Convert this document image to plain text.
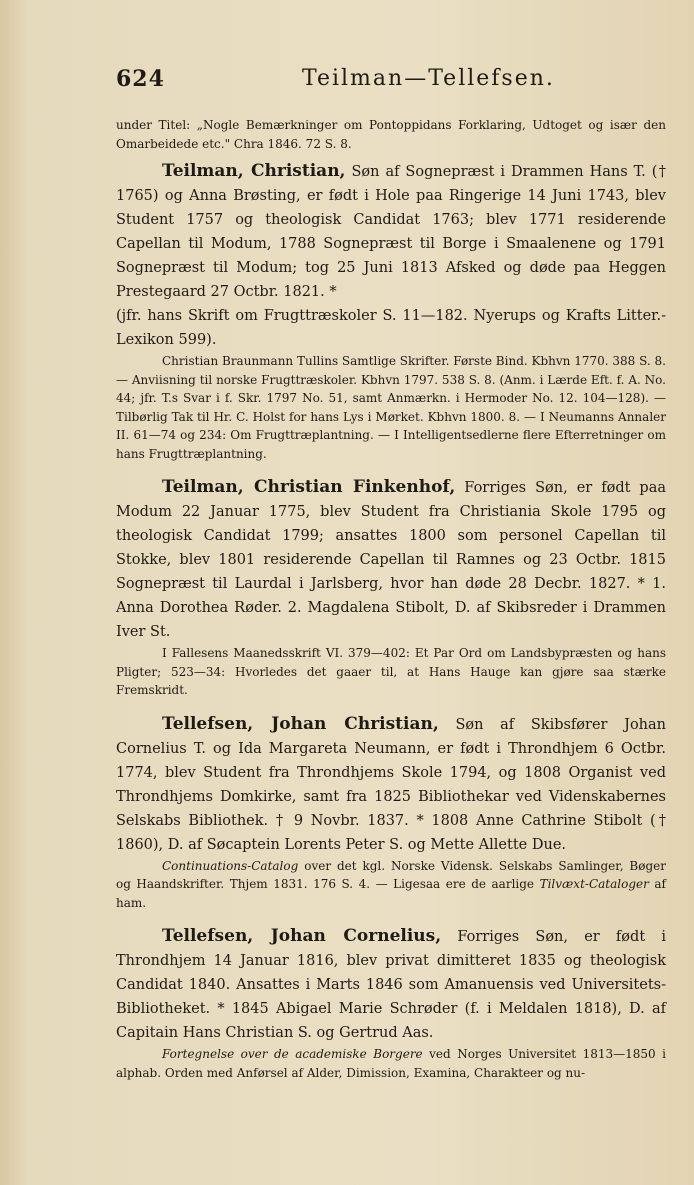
624	Teilman—Tellefsen.

under Titel: „Nogle Bemærkninger om Pontoppidans Forklaring, Udtoget og især den Omarbeidede etc." Chra 1846. 72 S. 8.

Teilman, Christian, Søn af Sognepræst i Drammen Hans T. († 1765) og Anna Brøsting, er født i Hole paa Ringerige 14 Juni 1743, blev Student 1757 og theologisk Candidat 1763; blev 1771 residerende Capellan til Modum, 1788 Sognepræst til Borge i Smaalenene og 1791 Sognepræst til Modum; tog 25 Juni 1813 Afsked og døde paa Heggen Prestegaard 27 Octbr. 1821. *

(jfr. hans Skrift om Frugttræskoler S. 11—182. Nyerups og Krafts Litter.-Lexikon 599).

Christian Braunmann Tullins Samtlige Skrifter. Første Bind. Kbhvn 1770. 388 S. 8. — Anviisning til norske Frugttræskoler. Kbhvn 1797. 538 S. 8. (Anm. i Lærde Eft. f. A. No. 44; jfr. T.s Svar i f. Skr. 1797 No. 51, samt Anmærkn. i Hermoder No. 12. 104—128). — Tilbørlig Tak til Hr. C. Holst for hans Lys i Mørket. Kbhvn 1800. 8. — I Neumanns Annaler II. 61—74 og 234: Om Frugttræplantning. — I Intelligentsedlerne flere Efterretninger om hans Frugttræplantning.

Teilman, Christian Finkenhof, Forriges Søn, er født paa Modum 22 Januar 1775, blev Student fra Christiania Skole 1795 og theologisk Candidat 1799; ansattes 1800 som personel Capellan til Stokke, blev 1801 residerende Capellan til Ramnes og 23 Octbr. 1815 Sognepræst til Laurdal i Jarlsberg, hvor han døde 28 Decbr. 1827. * 1. Anna Dorothea Røder. 2. Magdalena Stibolt, D. af Skibsreder i Drammen Iver St.

I Fallesens Maanedsskrift VI. 379—402: Et Par Ord om Landsbypræsten og hans Pligter; 523—34: Hvorledes det gaaer til, at Hans Hauge kan gjøre saa stærke Fremskridt.

Tellefsen, Johan Christian, Søn af Skibsfører Johan Cornelius T. og Ida Margareta Neumann, er født i Throndhjem 6 Octbr. 1774, blev Student fra Throndhjems Skole 1794, og 1808 Organist ved Throndhjems Domkirke, samt fra 1825 Bibliothekar ved Videnskabernes Selskabs Bibliothek. † 9 Novbr. 1837. * 1808 Anne Cathrine Stibolt († 1860), D. af Søcaptein Lorents Peter S. og Mette Allette Due.

Continuations-Catalog over det kgl. Norske Vidensk. Selskabs Samlinger, Bøger og Haandskrifter. Thjem 1831. 176 S. 4. — Ligesaa ere de aarlige Tilvæxt-Cataloger af ham.

Tellefsen, Johan Cornelius, Forriges Søn, er født i Throndhjem 14 Januar 1816, blev privat dimitteret 1835 og theologisk Candidat 1840. Ansattes i Marts 1846 som Amanuensis ved Universitets-Bibliotheket. * 1845 Abigael Marie Schrøder (f. i Meldalen 1818), D. af Capitain Hans Christian S. og Gertrud Aas.

Fortegnelse over de academiske Borgere ved Norges Universitet 1813—1850 i alphab. Orden med Anførsel af Alder, Dimission, Examina, Charakteer og nu-
